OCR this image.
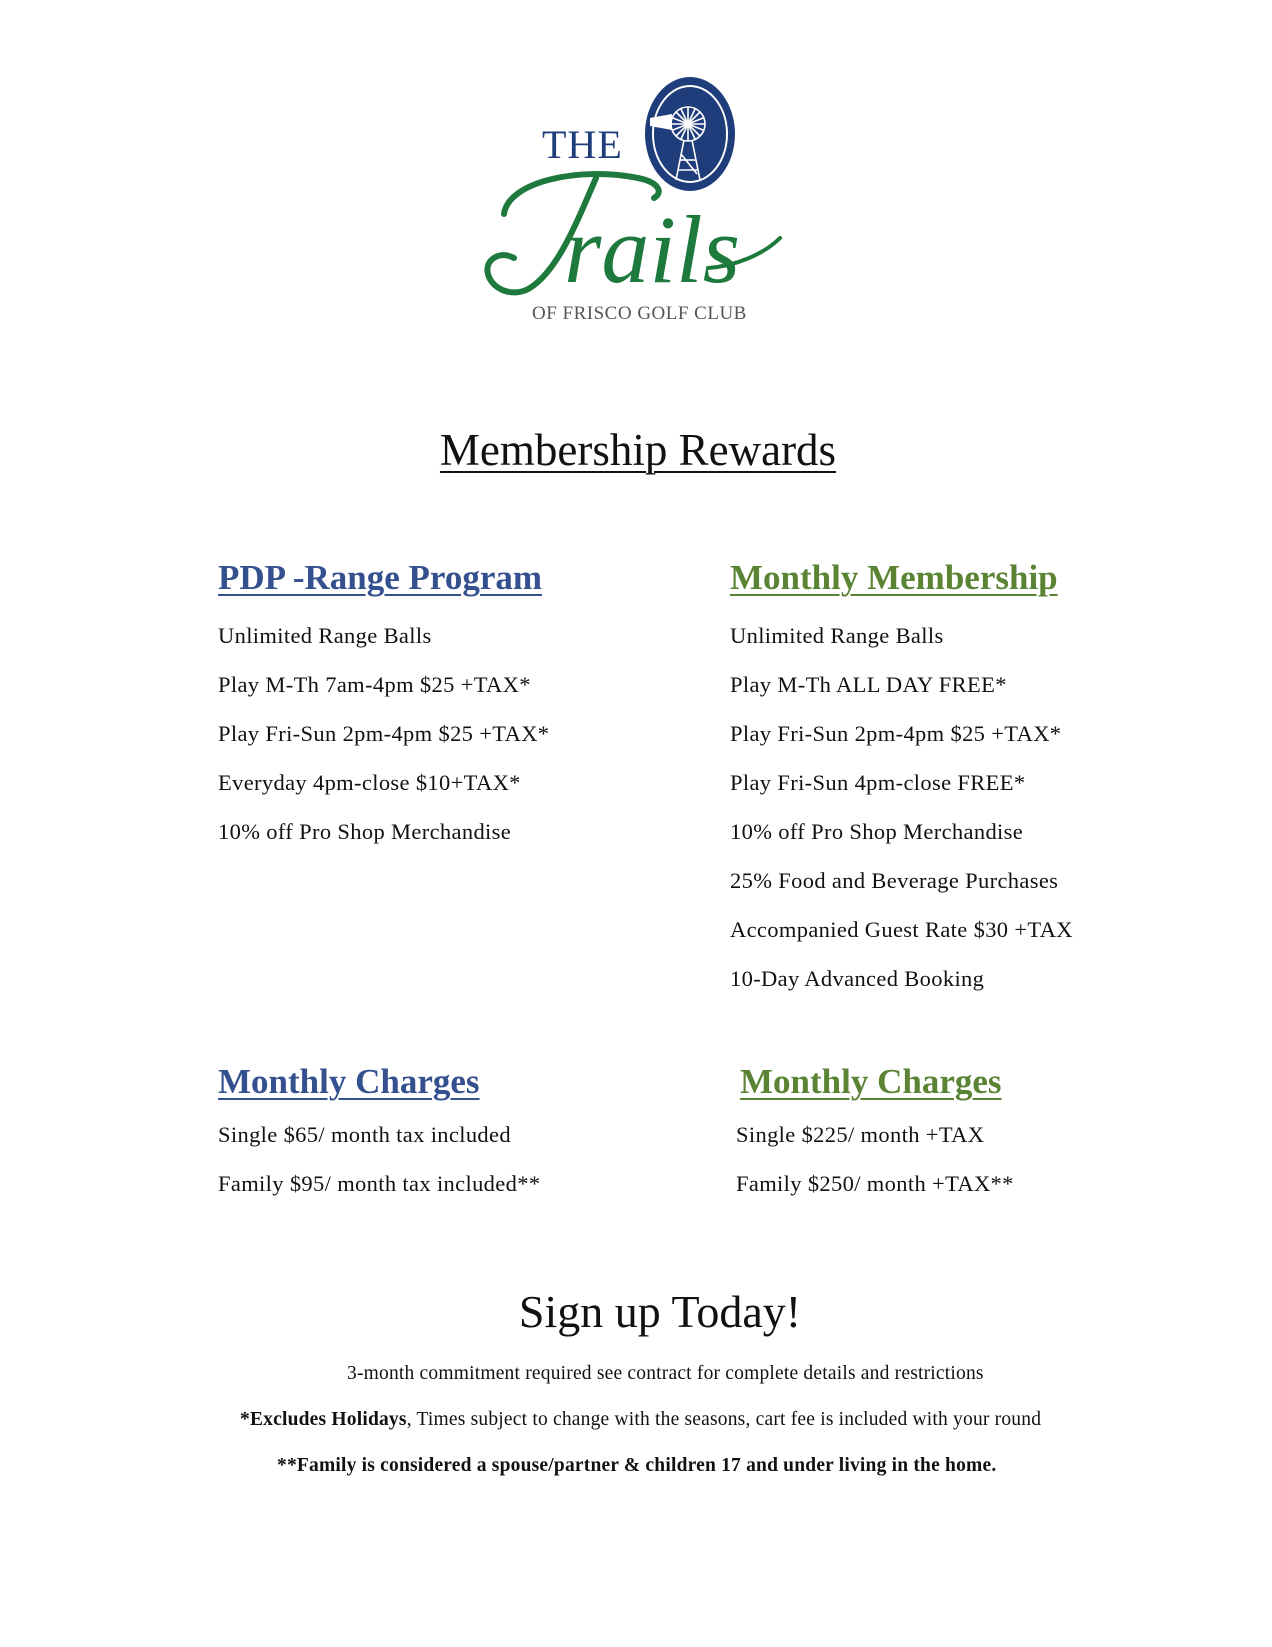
THE
rails
OF FRISCO GOLF CLUB
Membership Rewards
PDP -Range Program
Unlimited Range Balls
Play M-Th 7am-4pm $25 +TAX*
Play Fri-Sun 2pm-4pm $25 +TAX*
Everyday 4pm-close $10+TAX*
10% off Pro Shop Merchandise
Monthly Membership
Unlimited Range Balls
Play M-Th ALL DAY FREE*
Play Fri-Sun 2pm-4pm $25 +TAX*
Play Fri-Sun 4pm-close FREE*
10% off Pro Shop Merchandise
25% Food and Beverage Purchases
Accompanied Guest Rate $30 +TAX
10-Day Advanced Booking
Monthly Charges
Single $65/ month tax included
Family $95/ month tax included**
Monthly Charges
Single $225/ month +TAX
Family $250/ month +TAX**
Sign up Today!
3-month commitment required see contract for complete details and restrictions
*Excludes Holidays, Times subject to change with the seasons, cart fee is included with your round
**Family is considered a spouse/partner & children 17 and under living in the home.
